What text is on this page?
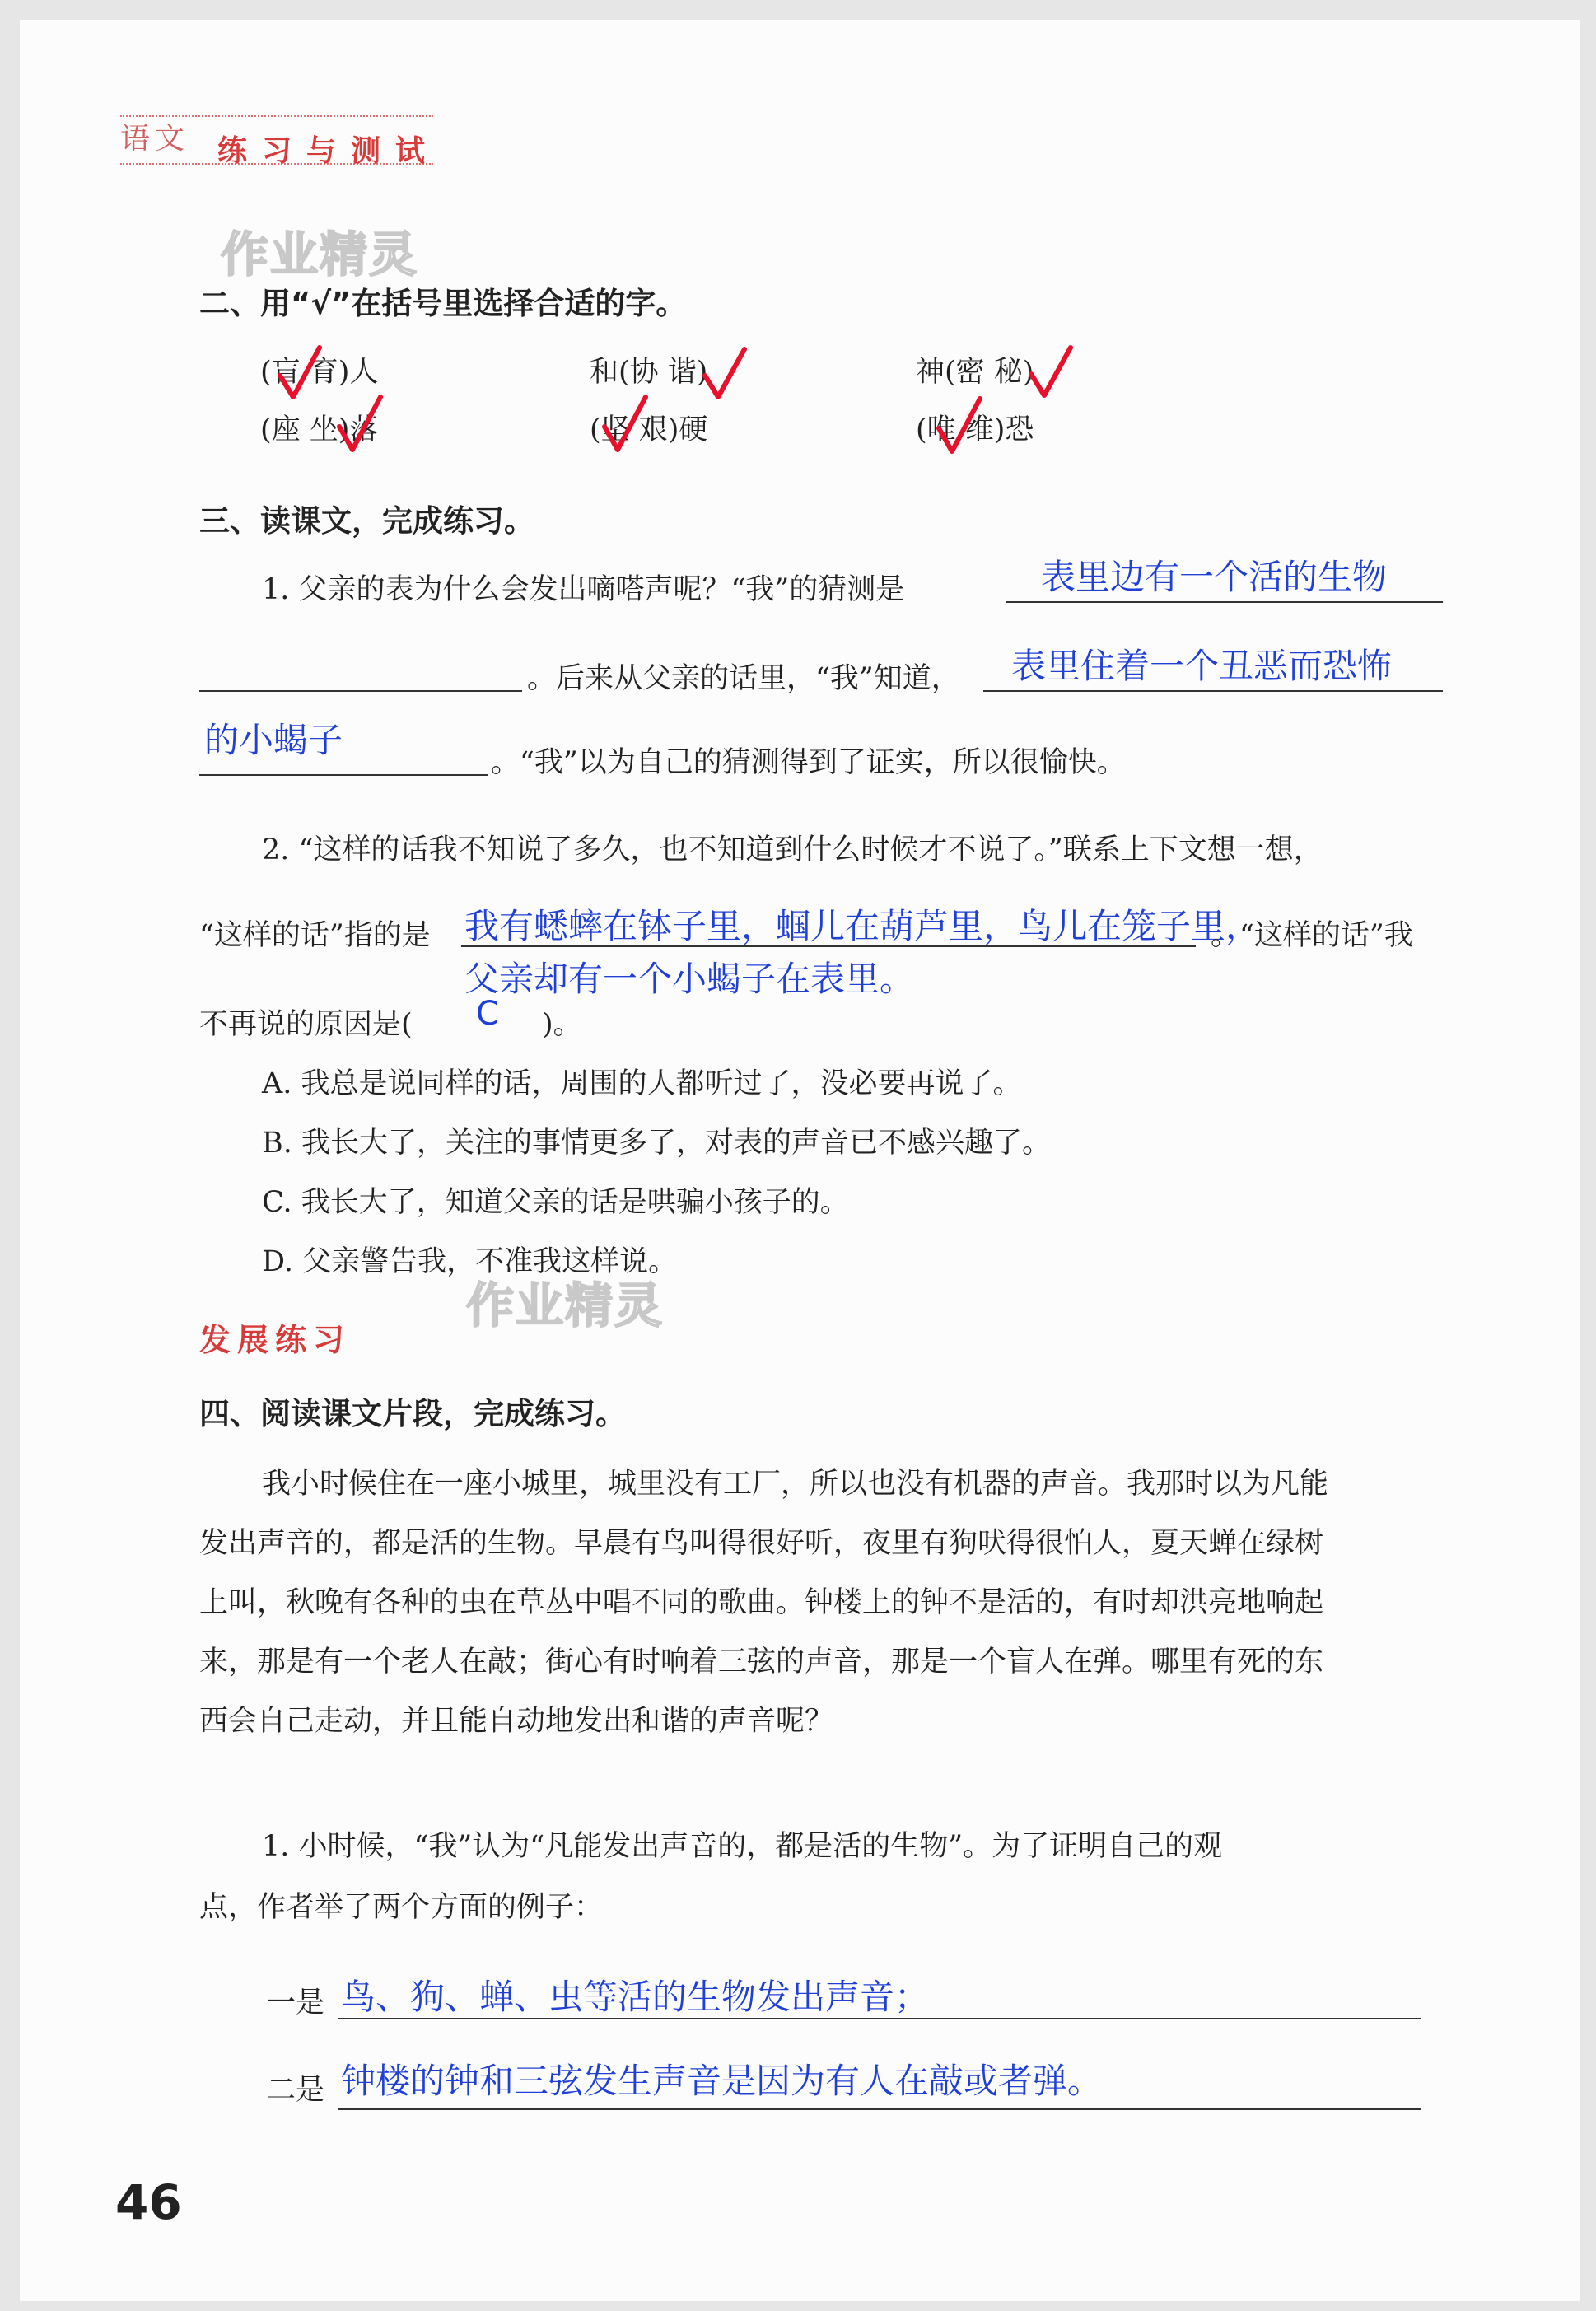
语文 练习与测试
作业精灵
作业精灵
二、用“√”在括号里选择合适的字。
(盲 育)人	和(协 谐)	神(密 秘)
(座 坐)落	(坚 艰)硬	(唯 维)恐
三、读课文，完成练习。
1. 父亲的表为什么会发出嘀嗒声呢？“我”的猜测是	表里边有一个活的生物
。后来从父亲的话里，“我”知道， 表里住着一个丑恶而恐怖
的小蝎子
。“我”以为自己的猜测得到了证实，所以很愉快。
2. “这样的话我不知说了多久，也不知道到什么时候才不说了。”联系上下文想一想，
“这样的话”指的是 我有蟋蟀在钵子里，蝈儿在葫芦里，鸟儿在笼子里，
。“这样的话”我
父亲却有一个小蝎子在表里。
不再说的原因是( C )。
A. 我总是说同样的话，周围的人都听过了，没必要再说了。
B. 我长大了，关注的事情更多了，对表的声音已不感兴趣了。
C. 我长大了，知道父亲的话是哄骗小孩子的。
D. 父亲警告我，不准我这样说。
发展练习
四、阅读课文片段，完成练习。
我小时候住在一座小城里，城里没有工厂，所以也没有机器的声音。我那时以为凡能
发出声音的，都是活的生物。早晨有鸟叫得很好听，夜里有狗吠得很怕人，夏天蝉在绿树
上叫，秋晚有各种的虫在草丛中唱不同的歌曲。钟楼上的钟不是活的，有时却洪亮地响起
来，那是有一个老人在敲；街心有时响着三弦的声音，那是一个盲人在弹。哪里有死的东
西会自己走动，并且能自动地发出和谐的声音呢？
1. 小时候，“我”认为“凡能发出声音的，都是活的生物”。为了证明自己的观
点，作者举了两个方面的例子：
一是 鸟、狗、蝉、虫等活的生物发出声音；
二是 钟楼的钟和三弦发生声音是因为有人在敲或者弹。
46
